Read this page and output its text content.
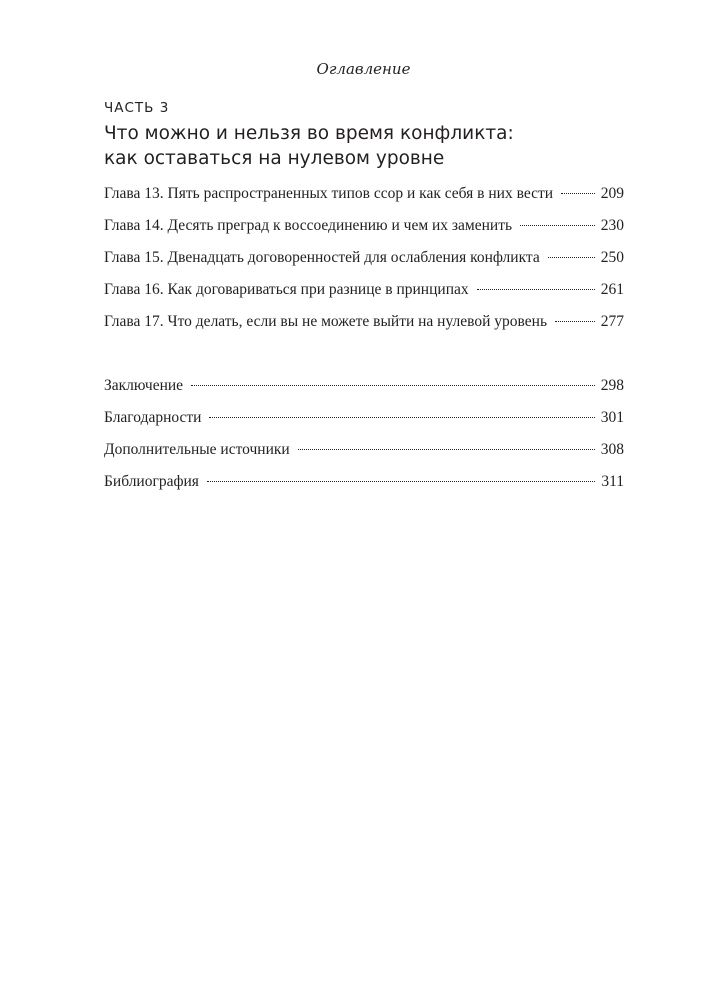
Оглавление
ЧАСТЬ 3
Что можно и нельзя во время конфликта:
как оставаться на нулевом уровне
Глава 13. Пять распространенных типов ссор и как себя в них вести	209
Глава 14. Десять преград к воссоединению и чем их заменить	230
Глава 15. Двенадцать договоренностей для ослабления конфликта	250
Глава 16. Как договариваться при разнице в принципах	261
Глава 17. Что делать, если вы не можете выйти на нулевой уровень	277
Заключение	298
Благодарности	301
Дополнительные источники	308
Библиография	311
